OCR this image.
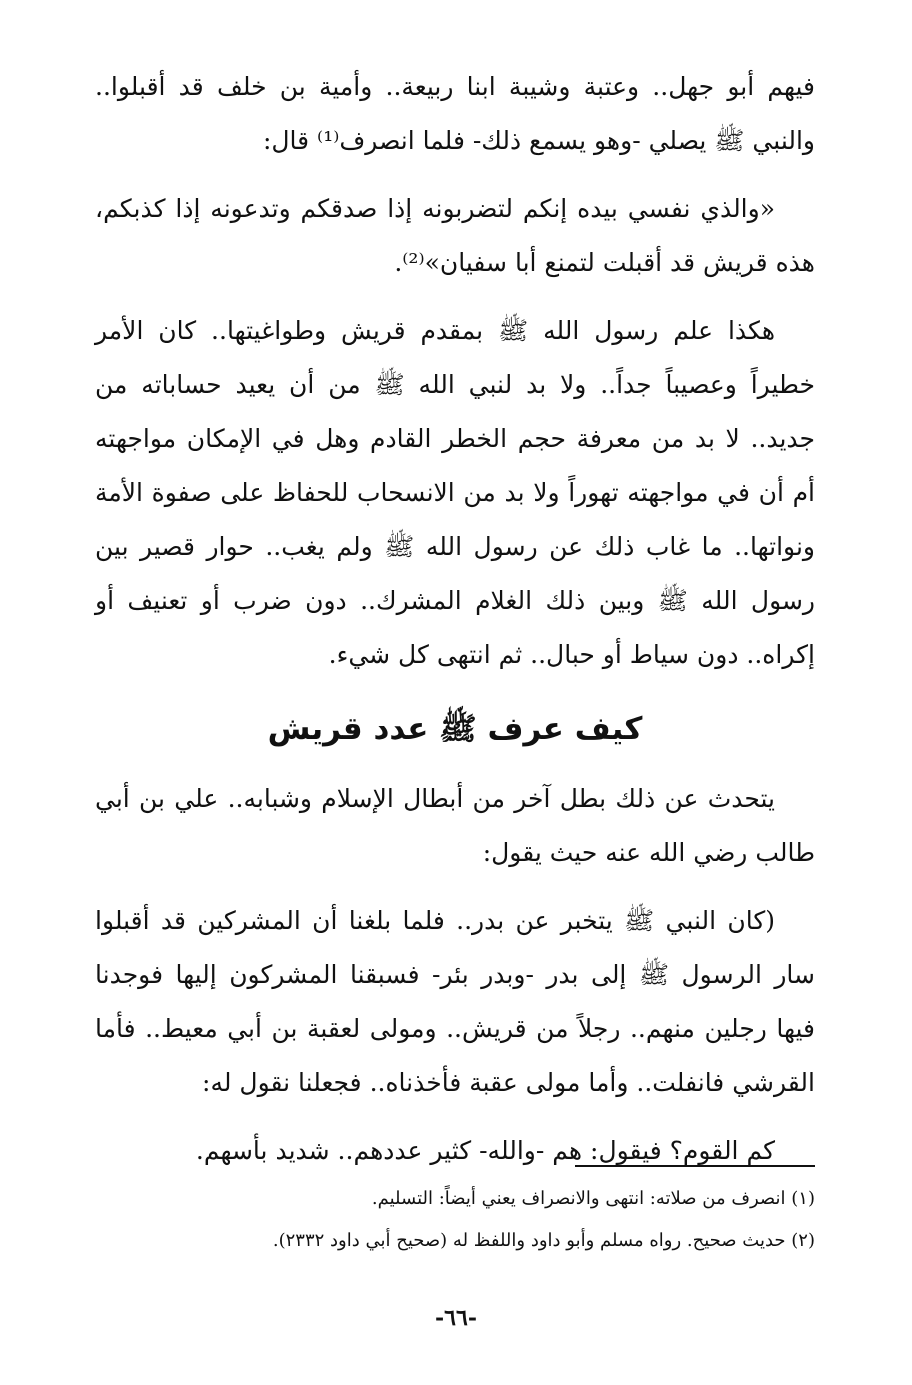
فيهم أبو جهل.. وعتبة وشيبة ابنا ربيعة.. وأمية بن خلف قد أقبلوا.. والنبي ﷺ يصلي -وهو يسمع ذلك- فلما انصرف⁽¹⁾ قال:

«والذي نفسي بيده إنكم لتضربونه إذا صدقكم وتدعونه إذا كذبكم، هذه قريش قد أقبلت لتمنع أبا سفيان»⁽²⁾.

هكذا علم رسول الله ﷺ بمقدم قريش وطواغيتها.. كان الأمر خطيراً وعصيباً جداً.. ولا بد لنبي الله ﷺ من أن يعيد حساباته من جديد.. لا بد من معرفة حجم الخطر القادم وهل في الإمكان مواجهته أم أن في مواجهته تهوراً ولا بد من الانسحاب للحفاظ على صفوة الأمة ونواتها.. ما غاب ذلك عن رسول الله ﷺ ولم يغب.. حوار قصير بين رسول الله ﷺ وبين ذلك الغلام المشرك.. دون ضرب أو تعنيف أو إكراه.. دون سياط أو حبال.. ثم انتهى كل شيء.

كيف عرف ﷺ عدد قريش

يتحدث عن ذلك بطل آخر من أبطال الإسلام وشبابه.. علي بن أبي طالب رضي الله عنه حيث يقول:

(كان النبي ﷺ يتخبر عن بدر.. فلما بلغنا أن المشركين قد أقبلوا سار الرسول ﷺ إلى بدر -وبدر بئر- فسبقنا المشركون إليها فوجدنا فيها رجلين منهم.. رجلاً من قريش.. ومولى لعقبة بن أبي معيط.. فأما القرشي فانفلت.. وأما مولى عقبة فأخذناه.. فجعلنا نقول له:

كم القوم؟ فيقول: هم -والله- كثير عددهم.. شديد بأسهم.

(١) انصرف من صلاته: انتهى والانصراف يعني أيضاً: التسليم.

(٢) حديث صحيح. رواه مسلم وأبو داود واللفظ له (صحيح أبي داود ٢٣٣٢).

-٦٦-
